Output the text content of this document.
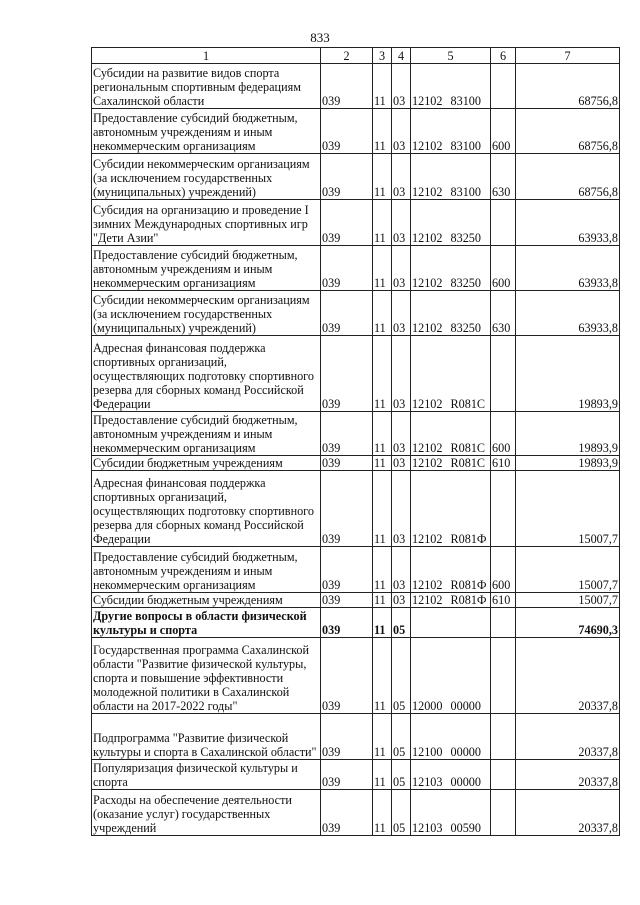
833
1	2	3	4	5	6	7
Субсидии на развитие видов спорта региональным спортивным федерациям Сахалинской области	039	11	03	12102 83100		68756,8
Предоставление субсидий бюджетным, автономным учреждениям и иным некоммерческим организациям	039	11	03	12102 83100	600	68756,8
Субсидии некоммерческим организациям (за исключением государственных (муниципальных) учреждений)	039	11	03	12102 83100	630	68756,8
Субсидия на организацию и проведение I зимних Международных спортивных игр "Дети Азии"	039	11	03	12102 83250		63933,8
Предоставление субсидий бюджетным, автономным учреждениям и иным некоммерческим организациям	039	11	03	12102 83250	600	63933,8
Субсидии некоммерческим организациям (за исключением государственных (муниципальных) учреждений)	039	11	03	12102 83250	630	63933,8
Адресная финансовая поддержка спортивных организаций, осуществляющих подготовку спортивного резерва для сборных команд Российской Федерации	039	11	03	12102 R081C		19893,9
Предоставление субсидий бюджетным, автономным учреждениям и иным некоммерческим организациям	039	11	03	12102 R081C	600	19893,9
Субсидии бюджетным учреждениям	039	11	03	12102 R081C	610	19893,9
Адресная финансовая поддержка спортивных организаций, осуществляющих подготовку спортивного резерва для сборных команд Российской Федерации	039	11	03	12102 R081Ф		15007,7
Предоставление субсидий бюджетным, автономным учреждениям и иным некоммерческим организациям	039	11	03	12102 R081Ф	600	15007,7
Субсидии бюджетным учреждениям	039	11	03	12102 R081Ф	610	15007,7
Другие вопросы в области физической культуры и спорта	039	11	05			74690,3
Государственная программа Сахалинской области "Развитие физической культуры, спорта и повышение эффективности молодежной политики в Сахалинской области на 2017-2022 годы"	039	11	05	12000 00000		20337,8
Подпрограмма "Развитие физической культуры и спорта в Сахалинской области"	039	11	05	12100 00000		20337,8
Популяризация физической культуры и спорта	039	11	05	12103 00000		20337,8
Расходы на обеспечение деятельности (оказание услуг) государственных учреждений	039	11	05	12103 00590		20337,8
